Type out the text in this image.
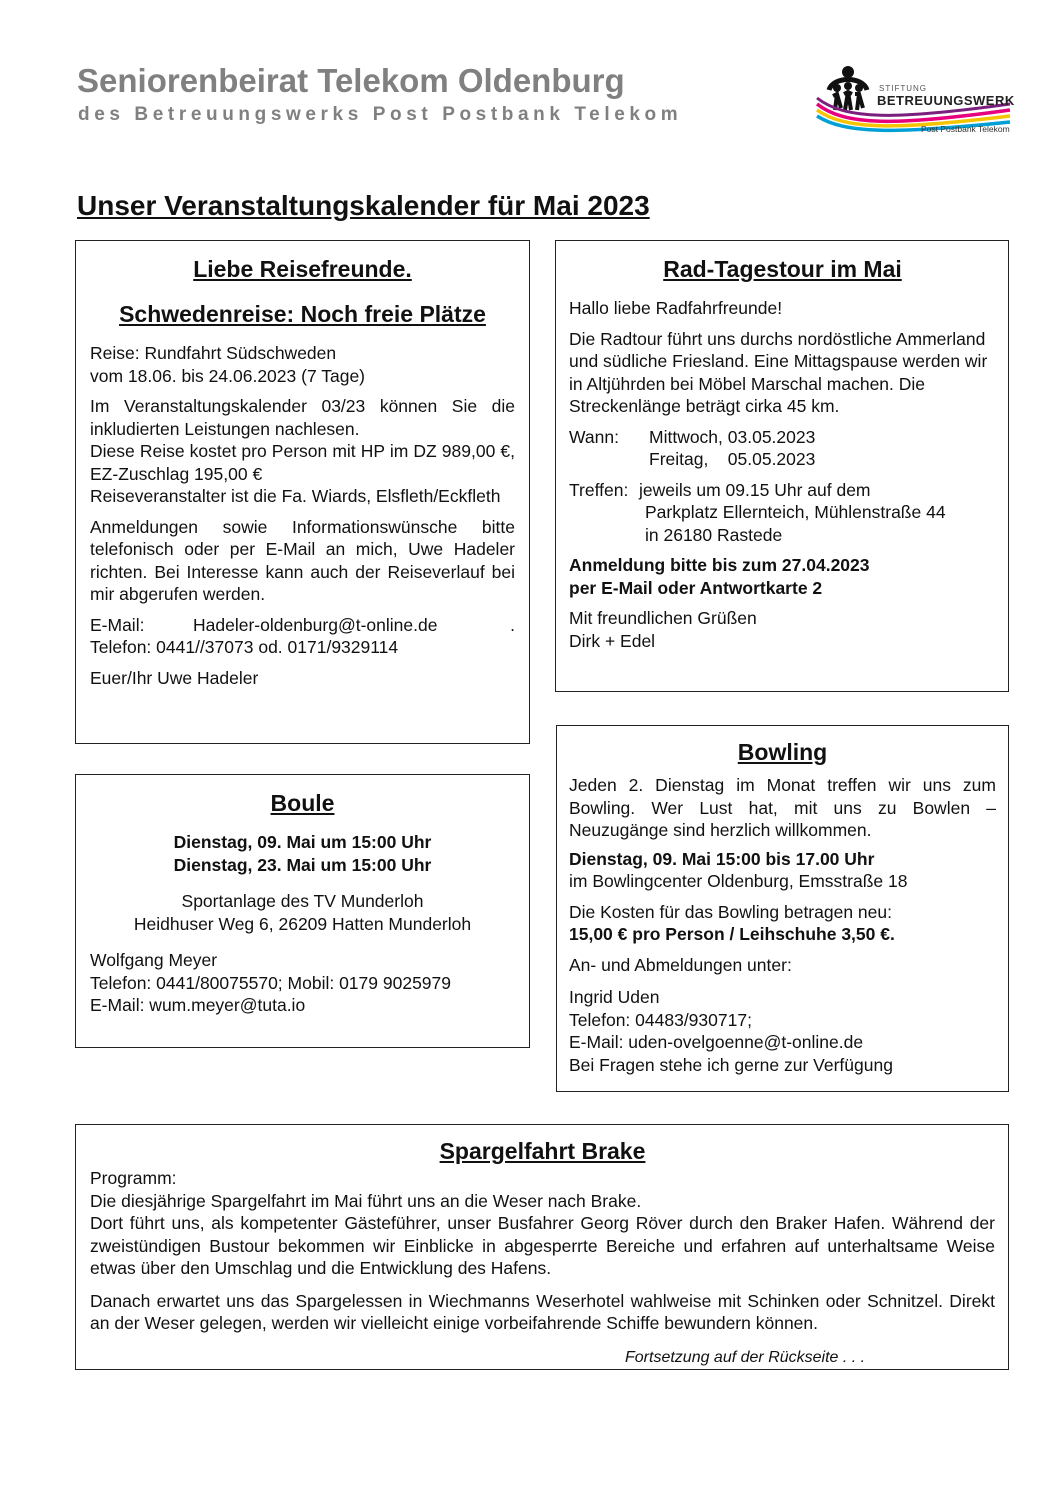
Seniorenbeirat Telekom Oldenburg
des Betreuungswerks Post Postbank Telekom
STIFTUNG
BETREUUNGSWERK
Post Postbank Telekom
Unser Veranstaltungskalender für Mai 2023
Liebe Reisefreunde.
Schwedenreise: Noch freie Plätze

Reise: Rundfahrt Südschweden

vom 18.06. bis 24.06.2023 (7 Tage)

Im Veranstaltungskalender 03/23 können Sie die inkludierten Leistungen nachlesen.

Diese Reise kostet pro Person mit HP im DZ 989,00 €, EZ-Zuschlag 195,00 €

Reiseveranstalter ist die Fa. Wiards, Elsfleth/Eckfleth

Anmeldungen sowie Informationswünsche bitte telefonisch oder per E-Mail an mich, Uwe Hadeler richten. Bei Interesse kann auch der Reiseverlauf bei mir abgerufen werden.

E-Mail:	Hadeler-oldenburg@t-online.de	.

Telefon: 0441//37073 od. 0171/9329114

Euer/Ihr Uwe Hadeler

Rad-Tagestour im Mai

Hallo liebe Radfahrfreunde!

Die Radtour führt uns durchs nordöstliche Ammerland und südliche Friesland. Eine Mittagspause werden wir in Altjührden bei Möbel Marschal machen. Die Streckenlänge beträgt cirka 45 km.

Wann:	Mittwoch, 03.05.2023
Freitag,    05.05.2023
Treffen: jeweils um 09.15 Uhr auf dem

Parkplatz Ellernteich, Mühlenstraße 44

in 26180 Rastede

Anmeldung bitte bis zum 27.04.2023

per E-Mail oder Antwortkarte 2

Mit freundlichen Grüßen

Dirk + Edel

Boule

Dienstag, 09. Mai um 15:00 Uhr

Dienstag, 23. Mai um 15:00 Uhr

Sportanlage des TV Munderloh

Heidhuser Weg 6, 26209 Hatten Munderloh

Wolfgang Meyer

Telefon: 0441/80075570; Mobil: 0179 9025979

E-Mail: wum.meyer@tuta.io

Bowling

Jeden 2. Dienstag im Monat treffen wir uns zum Bowling. Wer Lust hat, mit uns zu Bowlen – Neuzugänge sind herzlich willkommen.

Dienstag, 09. Mai 15:00 bis 17.00 Uhr

im Bowlingcenter Oldenburg, Emsstraße 18

Die Kosten für das Bowling betragen neu:

15,00 € pro Person / Leihschuhe 3,50 €.

An- und Abmeldungen unter:

Ingrid Uden

Telefon: 04483/930717;

E-Mail: uden-ovelgoenne@t-online.de

Bei Fragen stehe ich gerne zur Verfügung

Spargelfahrt Brake

Programm:

Die diesjährige Spargelfahrt im Mai führt uns an die Weser nach Brake.

Dort führt uns, als kompetenter Gästeführer, unser Busfahrer Georg Röver durch den Braker Hafen. Während der zweistündigen Bustour bekommen wir Einblicke in abgesperrte Bereiche und erfahren auf unterhaltsame Weise etwas über den Umschlag und die Entwicklung des Hafens.

Danach erwartet uns das Spargelessen in Wiechmanns Weserhotel wahlweise mit Schinken oder Schnitzel. Direkt an der Weser gelegen, werden wir vielleicht einige vorbeifahrende Schiffe bewundern können.

Fortsetzung auf der Rückseite . . .
